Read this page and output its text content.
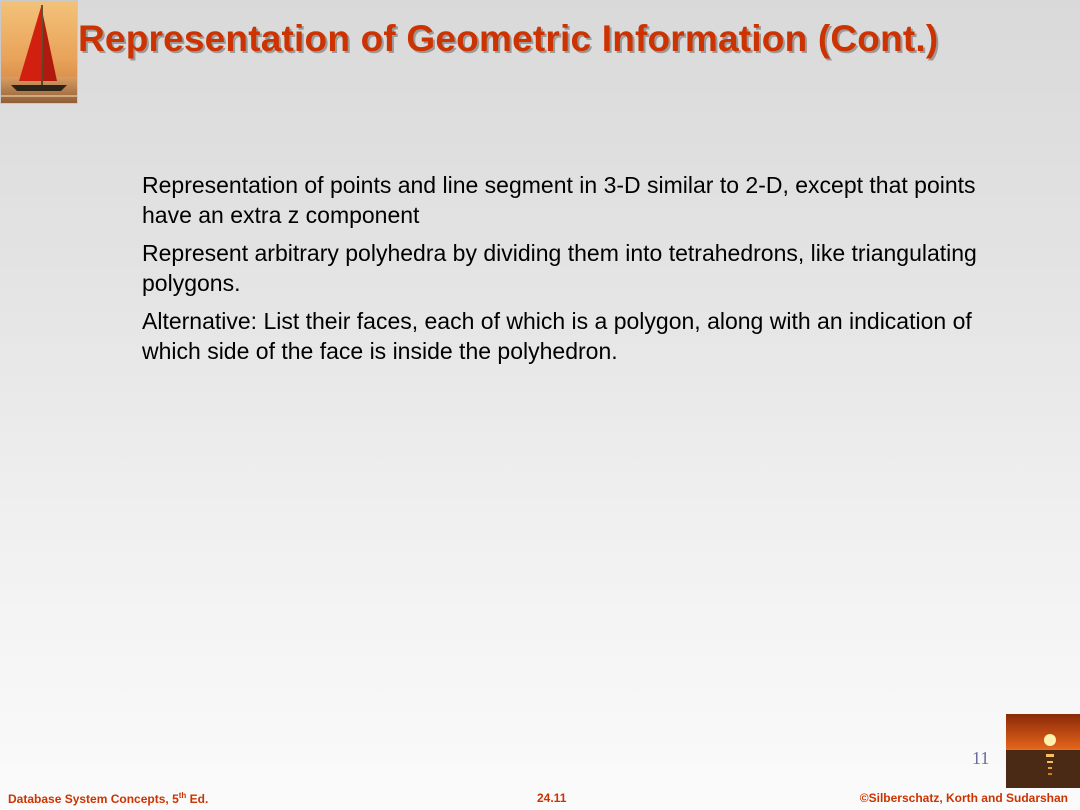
Representation of Geometric Information (Cont.)

Representation of points and line segment in 3-D similar to 2-D, except that points have an extra z component

Represent arbitrary polyhedra by dividing them into tetrahedrons, like triangulating polygons.

Alternative: List their faces, each of which is a polygon, along with an indication of which side of the face is inside the polyhedron.

11
Database System Concepts, 5th Ed.	24.11	©Silberschatz, Korth and Sudarshan
